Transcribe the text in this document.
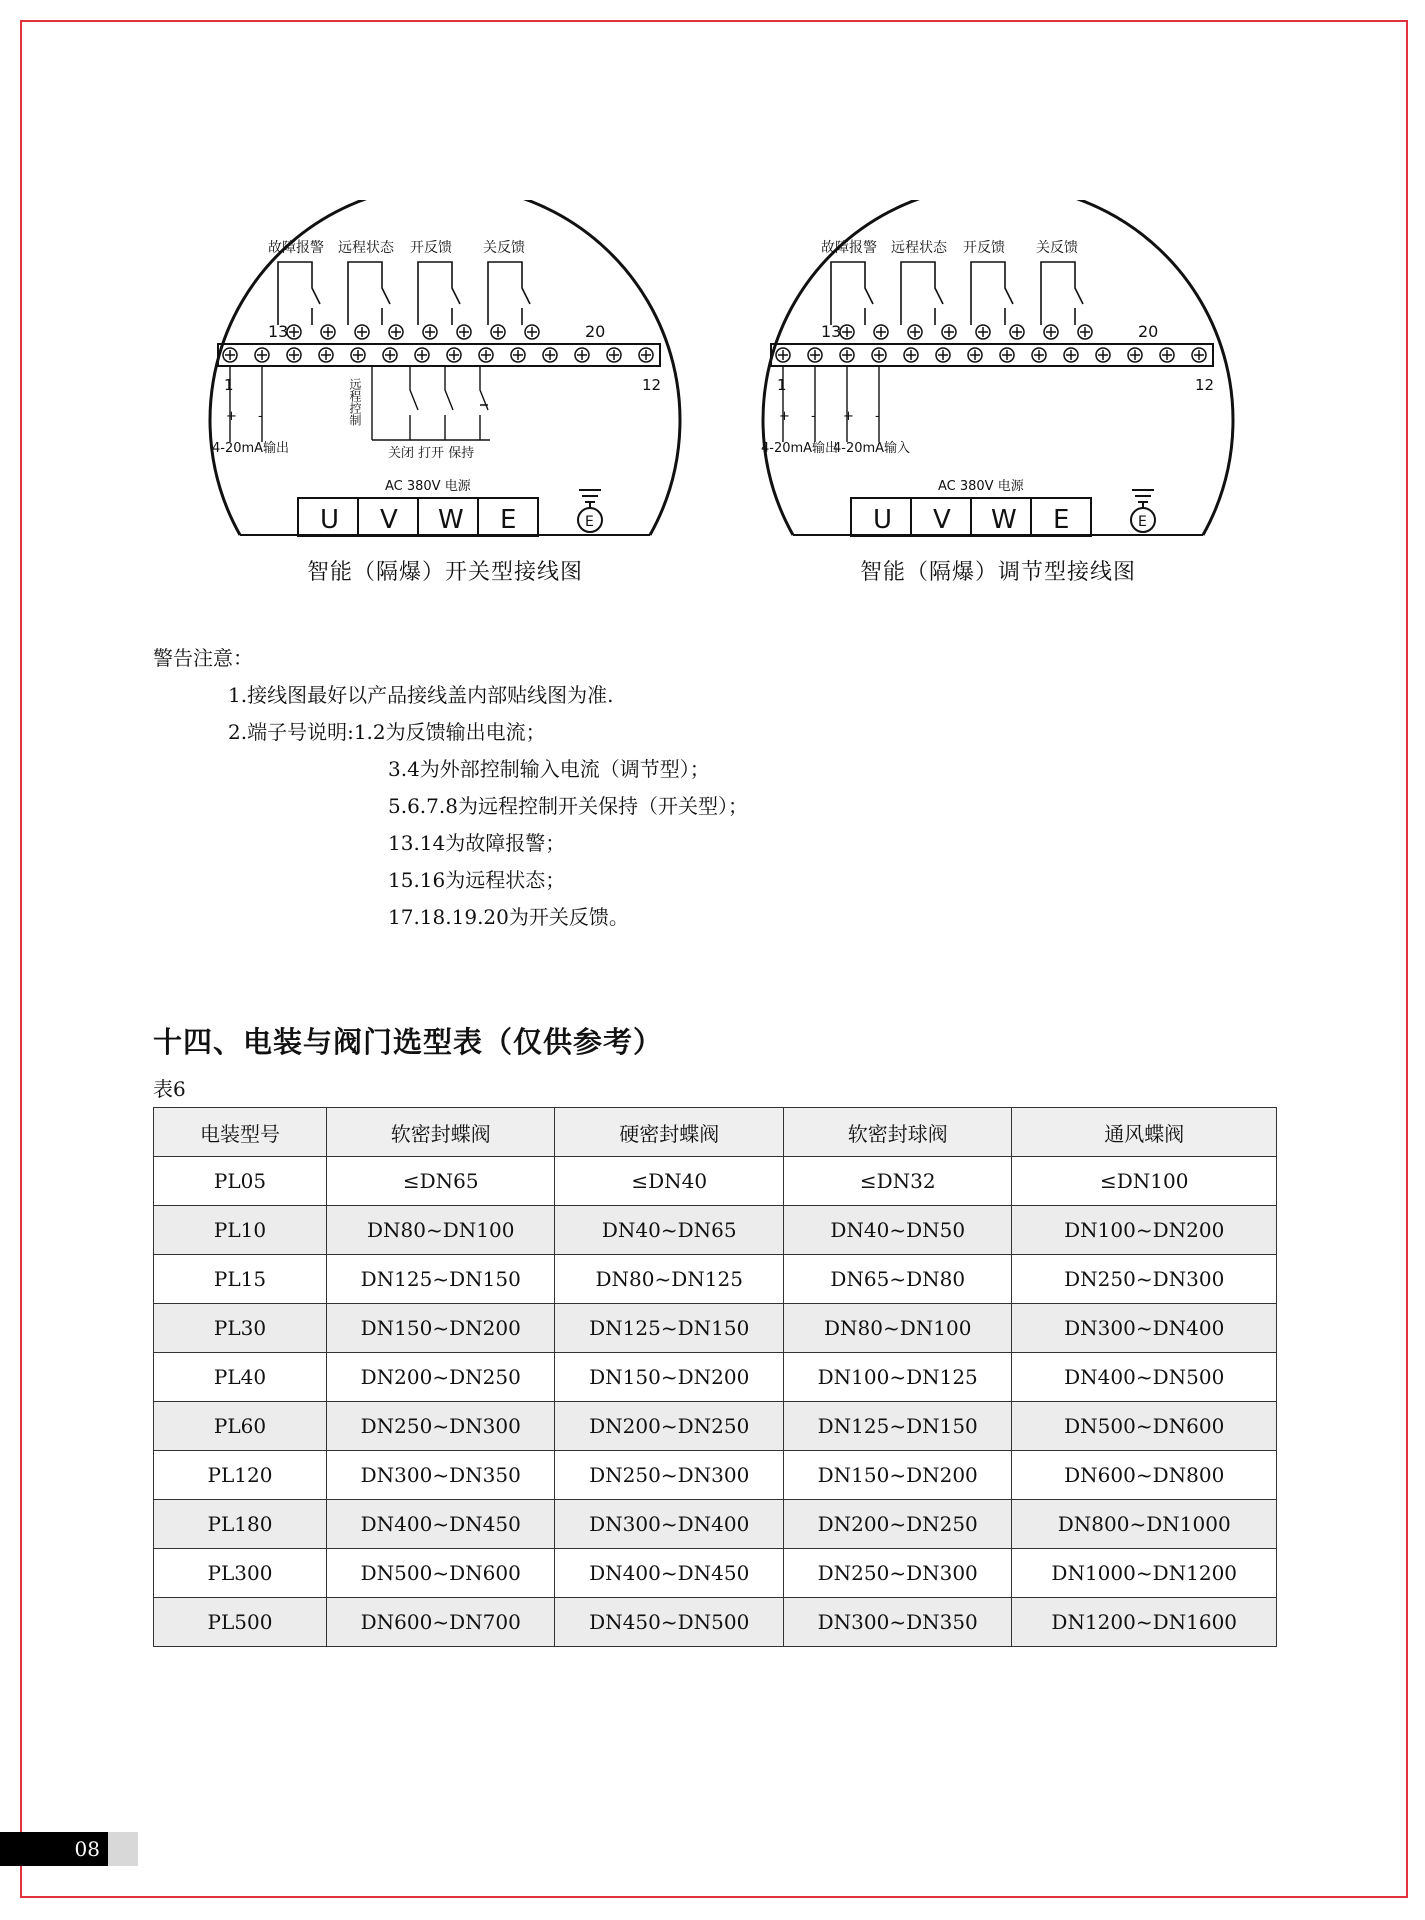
故障报警 远程状态 开反馈 关反馈
13	20
1	12
+ -
4-20mA输出
远程控制
关闭 打开 保持
AC 380V 电源
U V W E	E
智能（隔爆）开关型接线图
故障报警 远程状态 开反馈 关反馈
13	20
1	12
+ - + -
4-20mA输出
4-20mA输入
AC 380V 电源
U V W E	E
智能（隔爆）调节型接线图
警告注意：
1.接线图最好以产品接线盖内部贴线图为准.
2.端子号说明:1.2为反馈输出电流；
3.4为外部控制输入电流（调节型）；
5.6.7.8为远程控制开关保持（开关型）；
13.14为故障报警；
15.16为远程状态；
17.18.19.20为开关反馈。
十四、电装与阀门选型表（仅供参考）
表6
电装型号	软密封蝶阀	硬密封蝶阀	软密封球阀	通风蝶阀
PL05	≤DN65	≤DN40	≤DN32	≤DN100
PL10	DN80~DN100	DN40~DN65	DN40~DN50	DN100~DN200
PL15	DN125~DN150	DN80~DN125	DN65~DN80	DN250~DN300
PL30	DN150~DN200	DN125~DN150	DN80~DN100	DN300~DN400
PL40	DN200~DN250	DN150~DN200	DN100~DN125	DN400~DN500
PL60	DN250~DN300	DN200~DN250	DN125~DN150	DN500~DN600
PL120	DN300~DN350	DN250~DN300	DN150~DN200	DN600~DN800
PL180	DN400~DN450	DN300~DN400	DN200~DN250	DN800~DN1000
PL300	DN500~DN600	DN400~DN450	DN250~DN300	DN1000~DN1200
PL500	DN600~DN700	DN450~DN500	DN300~DN350	DN1200~DN1600
08
